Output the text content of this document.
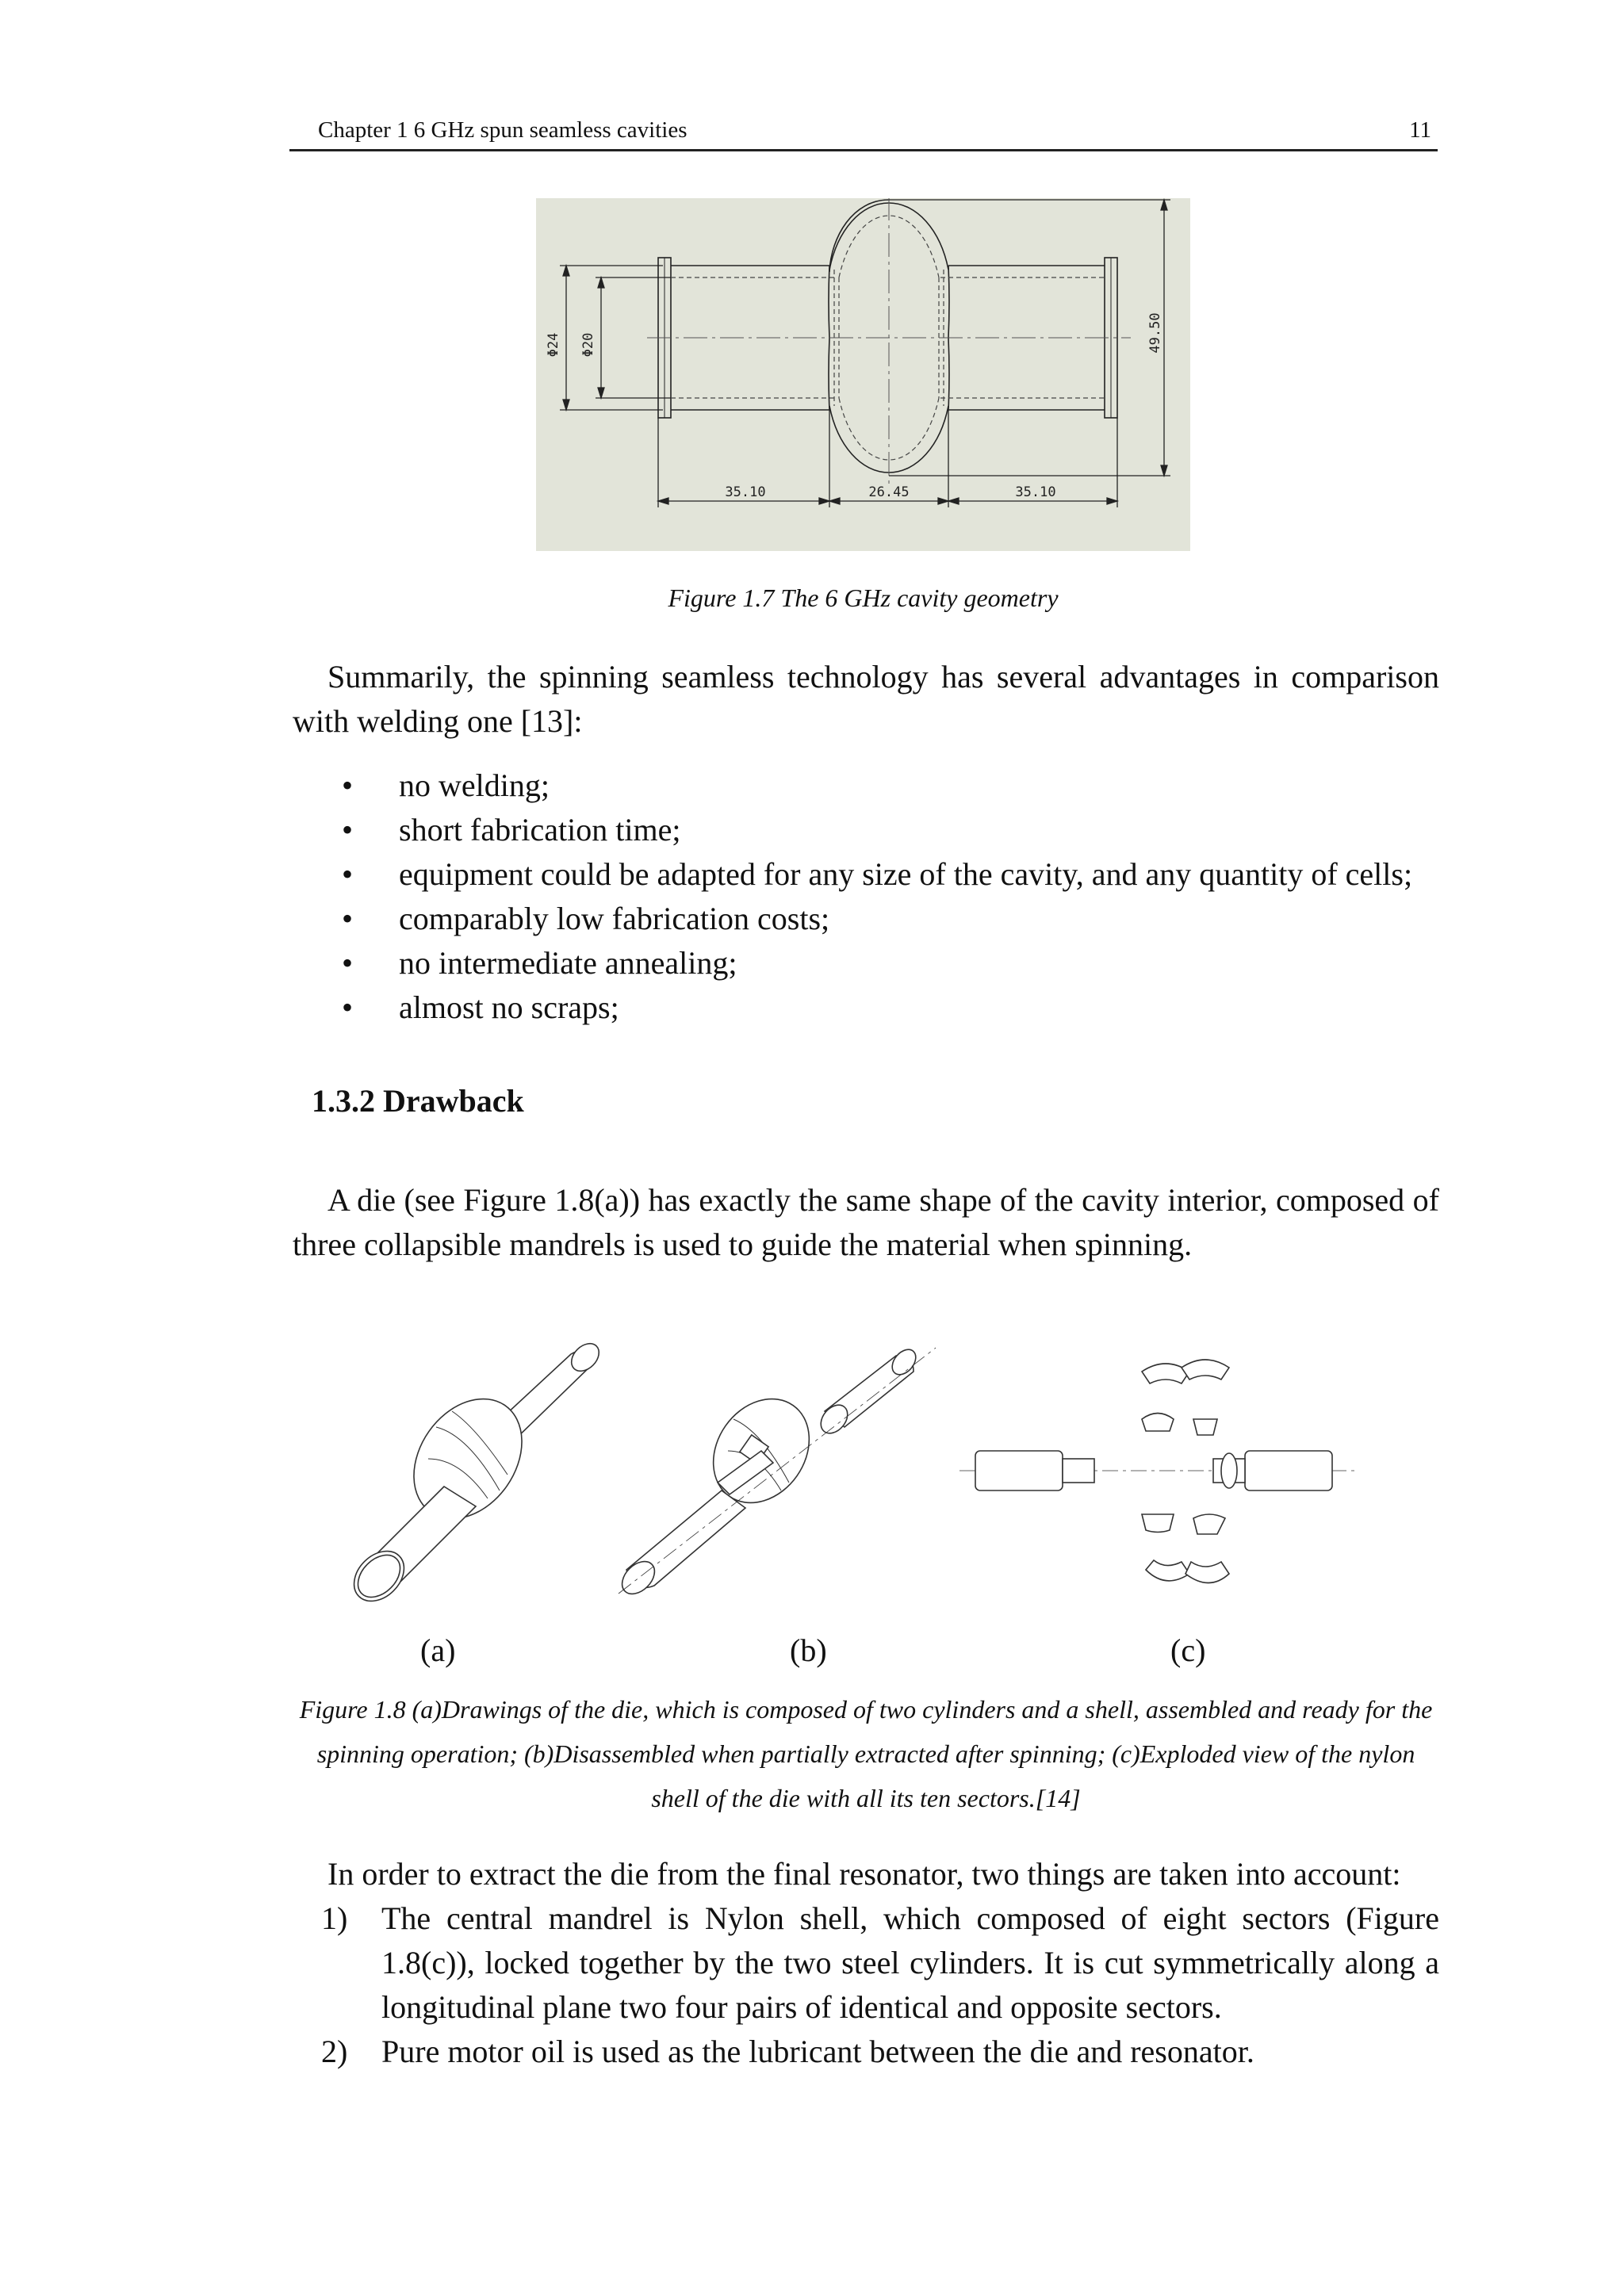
Chapter 1 6 GHz spun seamless cavities	11
Φ24 Φ20
35.10	26.45	35.10
49.50
Figure 1.7 The 6 GHz cavity geometry
Summarily, the spinning seamless technology has several advantages in comparison with welding one [13]:
• no welding;
• short fabrication time;
• equipment could be adapted for any size of the cavity, and any quantity of cells;
• comparably low fabrication costs;
• no intermediate annealing;
• almost no scraps;
1.3.2 Drawback
A die (see Figure 1.8(a)) has exactly the same shape of the cavity interior, composed of three collapsible mandrels is used to guide the material when spinning.
(a)	(b)	(c)
Figure 1.8 (a)Drawings of the die, which is composed of two cylinders and a shell, assembled and ready for the spinning operation; (b)Disassembled when partially extracted after spinning; (c)Exploded view of the nylon shell of the die with all its ten sectors.[14]
In order to extract the die from the final resonator, two things are taken into account:
1) The central mandrel is Nylon shell, which composed of eight sectors (Figure 1.8(c)), locked together by the two steel cylinders. It is cut symmetrically along a longitudinal plane two four pairs of identical and opposite sectors.
2) Pure motor oil is used as the lubricant between the die and resonator.
